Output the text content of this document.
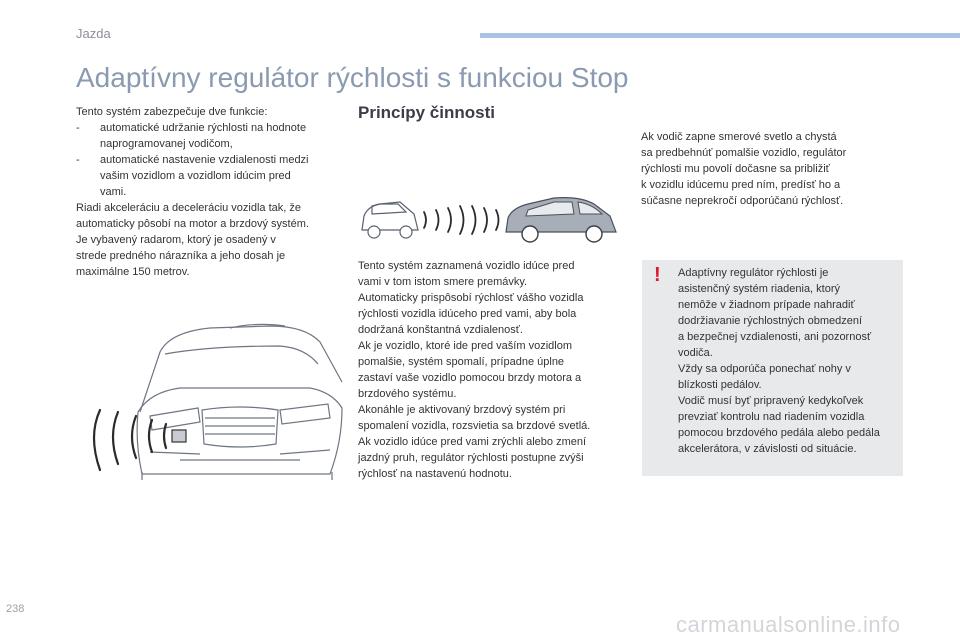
Jazda
Adaptívny regulátor rýchlosti s funkciou Stop

Tento systém zabezpečuje dve funkcie:

- automatické udržanie rýchlosti na hodnote
naprogramovanej vodičom,
- automatické nastavenie vzdialenosti medzi
vašim vozidlom a vozidlom idúcim pred
vami.

Riadi akceleráciu a deceleráciu vozidla tak, že

automaticky pôsobí na motor a brzdový systém.

Je vybavený radarom, ktorý je osadený v

strede predného nárazníka a jeho dosah je

maximálne 150 metrov.

Princípy činnosti

Tento systém zaznamená vozidlo idúce pred

vami v tom istom smere premávky.

Automaticky prispôsobí rýchlosť vášho vozidla

rýchlosti vozidla idúceho pred vami, aby bola

dodržaná konštantná vzdialenosť.

Ak je vozidlo, ktoré ide pred vaším vozidlom

pomalšie, systém spomalí, prípadne úplne

zastaví vaše vozidlo pomocou brzdy motora a

brzdového systému.

Akonáhle je aktivovaný brzdový systém pri

spomalení vozidla, rozsvietia sa brzdové svetlá.

Ak vozidlo idúce pred vami zrýchli alebo zmení

jazdný pruh, regulátor rýchlosti postupne zvýši

rýchlosť na nastavenú hodnotu.

Ak vodič zapne smerové svetlo a chystá

sa predbehnúť pomalšie vozidlo, regulátor

rýchlosti mu povolí dočasne sa približiť

k vozidlu idúcemu pred ním, predísť ho a

súčasne neprekročí odporúčanú rýchlosť.

! Adaptívny regulátor rýchlosti je

asistenčný systém riadenia, ktorý

nemôže v žiadnom prípade nahradiť

dodržiavanie rýchlostných obmedzení

a bezpečnej vzdialenosti, ani pozornosť

vodiča.

Vždy sa odporúča ponechať nohy v

blízkosti pedálov.

Vodič musí byť pripravený kedykoľvek

prevziať kontrolu nad riadením vozidla

pomocou brzdového pedála alebo pedála

akcelerátora, v závislosti od situácie.

238
carmanualsonline.info
